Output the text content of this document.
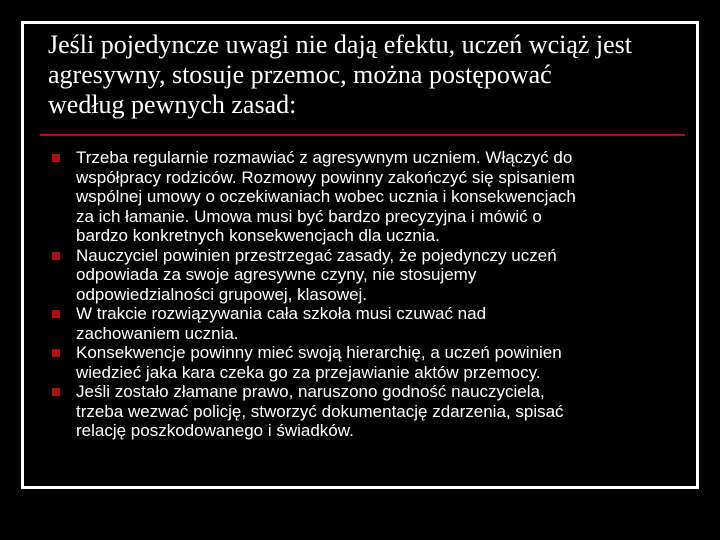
Jeśli pojedyncze uwagi nie dają efektu, uczeń wciąż jest
agresywny, stosuje przemoc, można postępować
według pewnych zasad:
Trzeba regularnie rozmawiać z agresywnym uczniem. Włączyć do
współpracy rodziców. Rozmowy powinny zakończyć się spisaniem
wspólnej umowy o oczekiwaniach wobec ucznia i konsekwencjach
za ich łamanie. Umowa musi być bardzo precyzyjna i mówić o
bardzo konkretnych konsekwencjach dla ucznia.
Nauczyciel powinien przestrzegać zasady, że pojedynczy uczeń
odpowiada za swoje agresywne czyny, nie stosujemy
odpowiedzialności grupowej, klasowej.
W trakcie rozwiązywania cała szkoła musi czuwać nad
zachowaniem ucznia.
Konsekwencje powinny mieć swoją hierarchię, a uczeń powinien
wiedzieć jaka kara czeka go za przejawianie aktów przemocy.
Jeśli zostało złamane prawo, naruszono godność nauczyciela,
trzeba wezwać policję, stworzyć dokumentację zdarzenia, spisać
relację poszkodowanego i świadków.
